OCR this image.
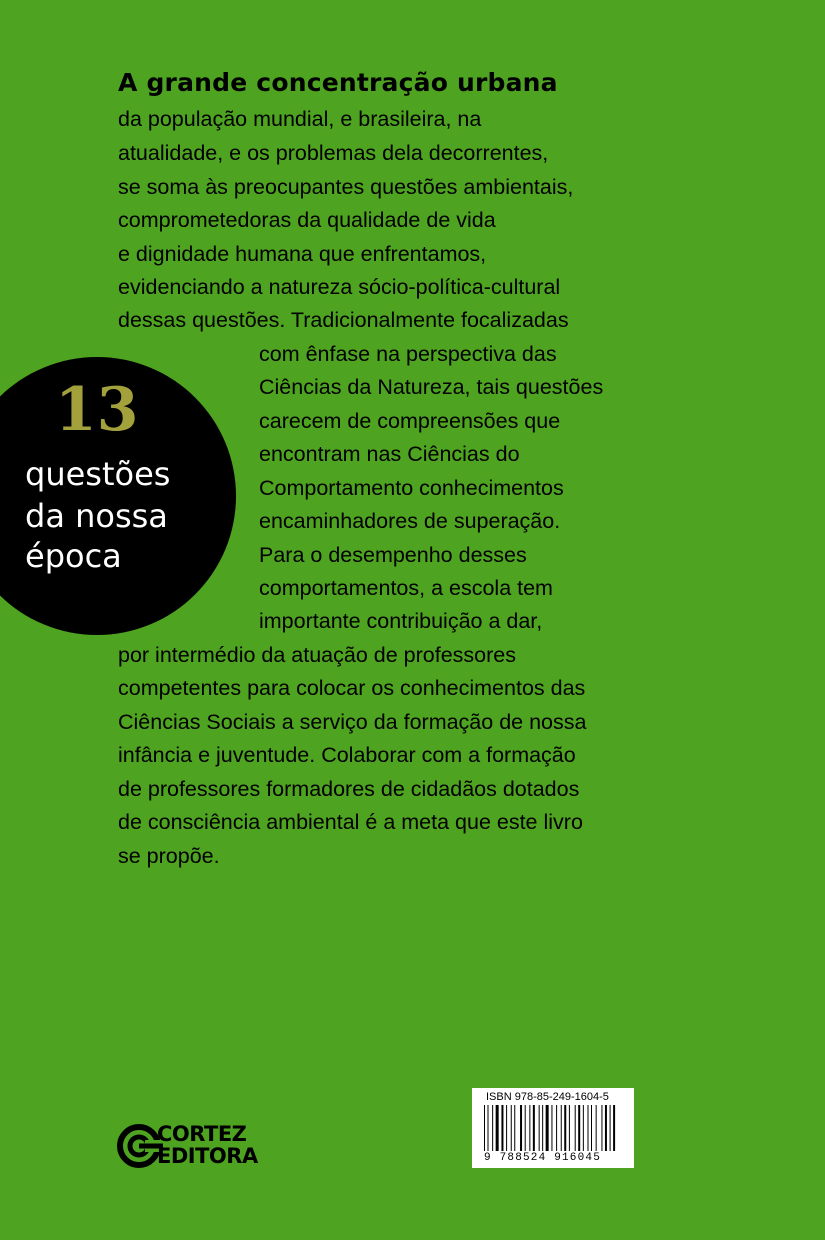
A grande concentração urbana
da população mundial, e brasileira, na
atualidade, e os problemas dela decorrentes,
se soma às preocupantes questões ambientais,
comprometedoras da qualidade de vida
e dignidade humana que enfrentamos,
evidenciando a natureza sócio-política-cultural
dessas questões. Tradicionalmente focalizadas
com ênfase na perspectiva das
Ciências da Natureza, tais questões
carecem de compreensões que
encontram nas Ciências do
Comportamento conhecimentos
encaminhadores de superação.
Para o desempenho desses
comportamentos, a escola tem
importante contribuição a dar,
por intermédio da atuação de professores
competentes para colocar os conhecimentos das
Ciências Sociais a serviço da formação de nossa
infância e juventude. Colaborar com a formação
de professores formadores de cidadãos dotados
de consciência ambiental é a meta que este livro
se propõe.
13
questões
da nossa
época
CORTEZ
EDITORA
ISBN 978-85-249-1604-5
9 788524 916045
